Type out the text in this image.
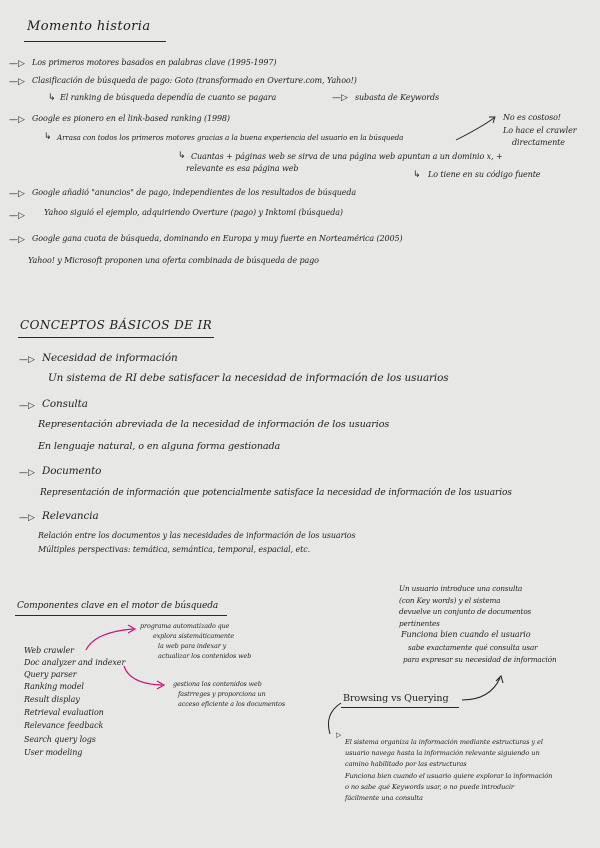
Momento historia
—▷ Los primeros motores basados en palabras clave (1995-1997)
—▷ Clasificación de búsqueda de pago: Goto (transformado en Overture.com, Yahoo!)
↳ El ranking de búsqueda dependía de cuanto se pagara	—▷ subasta de Keywords
—▷ Google es pionero en el link-based ranking (1998)
↳ Arrasa con todos los primeros motores gracias a la buena experiencia del usuario en la búsqueda
No es costoso!
Lo hace el crawler
directamente
↳ Cuantas + páginas web se sirva de una página web apuntan a un dominio x, +
relevante es esa página web
↳ Lo tiene en su código fuente
—▷ Google añadió "anuncios" de pago, independientes de los resultados de búsqueda
—▷ Yahoo siguió el ejemplo, adquiriendo Overture (pago) y Inktomi (búsqueda)
—▷ Google gana cuota de búsqueda, dominando en Europa y muy fuerte en Norteamérica (2005)
Yahoo! y Microsoft proponen una oferta combinada de búsqueda de pago
CONCEPTOS BÁSICOS DE IR
—▷ Necesidad de información
Un sistema de RI debe satisfacer la necesidad de información de los usuarios
—▷ Consulta
Representación abreviada de la necesidad de información de los usuarios
En lenguaje natural, o en alguna forma gestionada
—▷ Documento
Representación de información que potencialmente satisface la necesidad de información de los usuarios
—▷ Relevancia
Relación entre los documentos y las necesidades de información de los usuarios
Múltiples perspectivas: temática, semántica, temporal, espacial, etc.
Componentes clave en el motor de búsqueda
Web crawler
Doc analyzer and indexer
Query parser
Ranking model
Result display
Retrieval evaluation
Relevance feedback
Search query logs
User modeling
programa automatizado que
explora sistemáticamente
la web para indexar y
actualizar los contenidos web
gestiona los contenidos web
fastrreges y proporciona un
acceso eficiente a los documentos
Un usuario introduce una consulta
(con Key words) y el sistema
devuelve un conjunto de documentos
pertinentes
Funciona bien cuando el usuario
sabe exactamente qué consulta usar
para expresar su necesidad de información
Browsing vs Querying
▷
El sistema organiza la información mediante estructuras y el
usuario navega hasta la información relevante siguiendo un
camino habilitado por las estructuras
Funciona bien cuando el usuario quiere explorar la información
o no sabe qué Keywords usar, o no puede introducir
fácilmente una consulta
